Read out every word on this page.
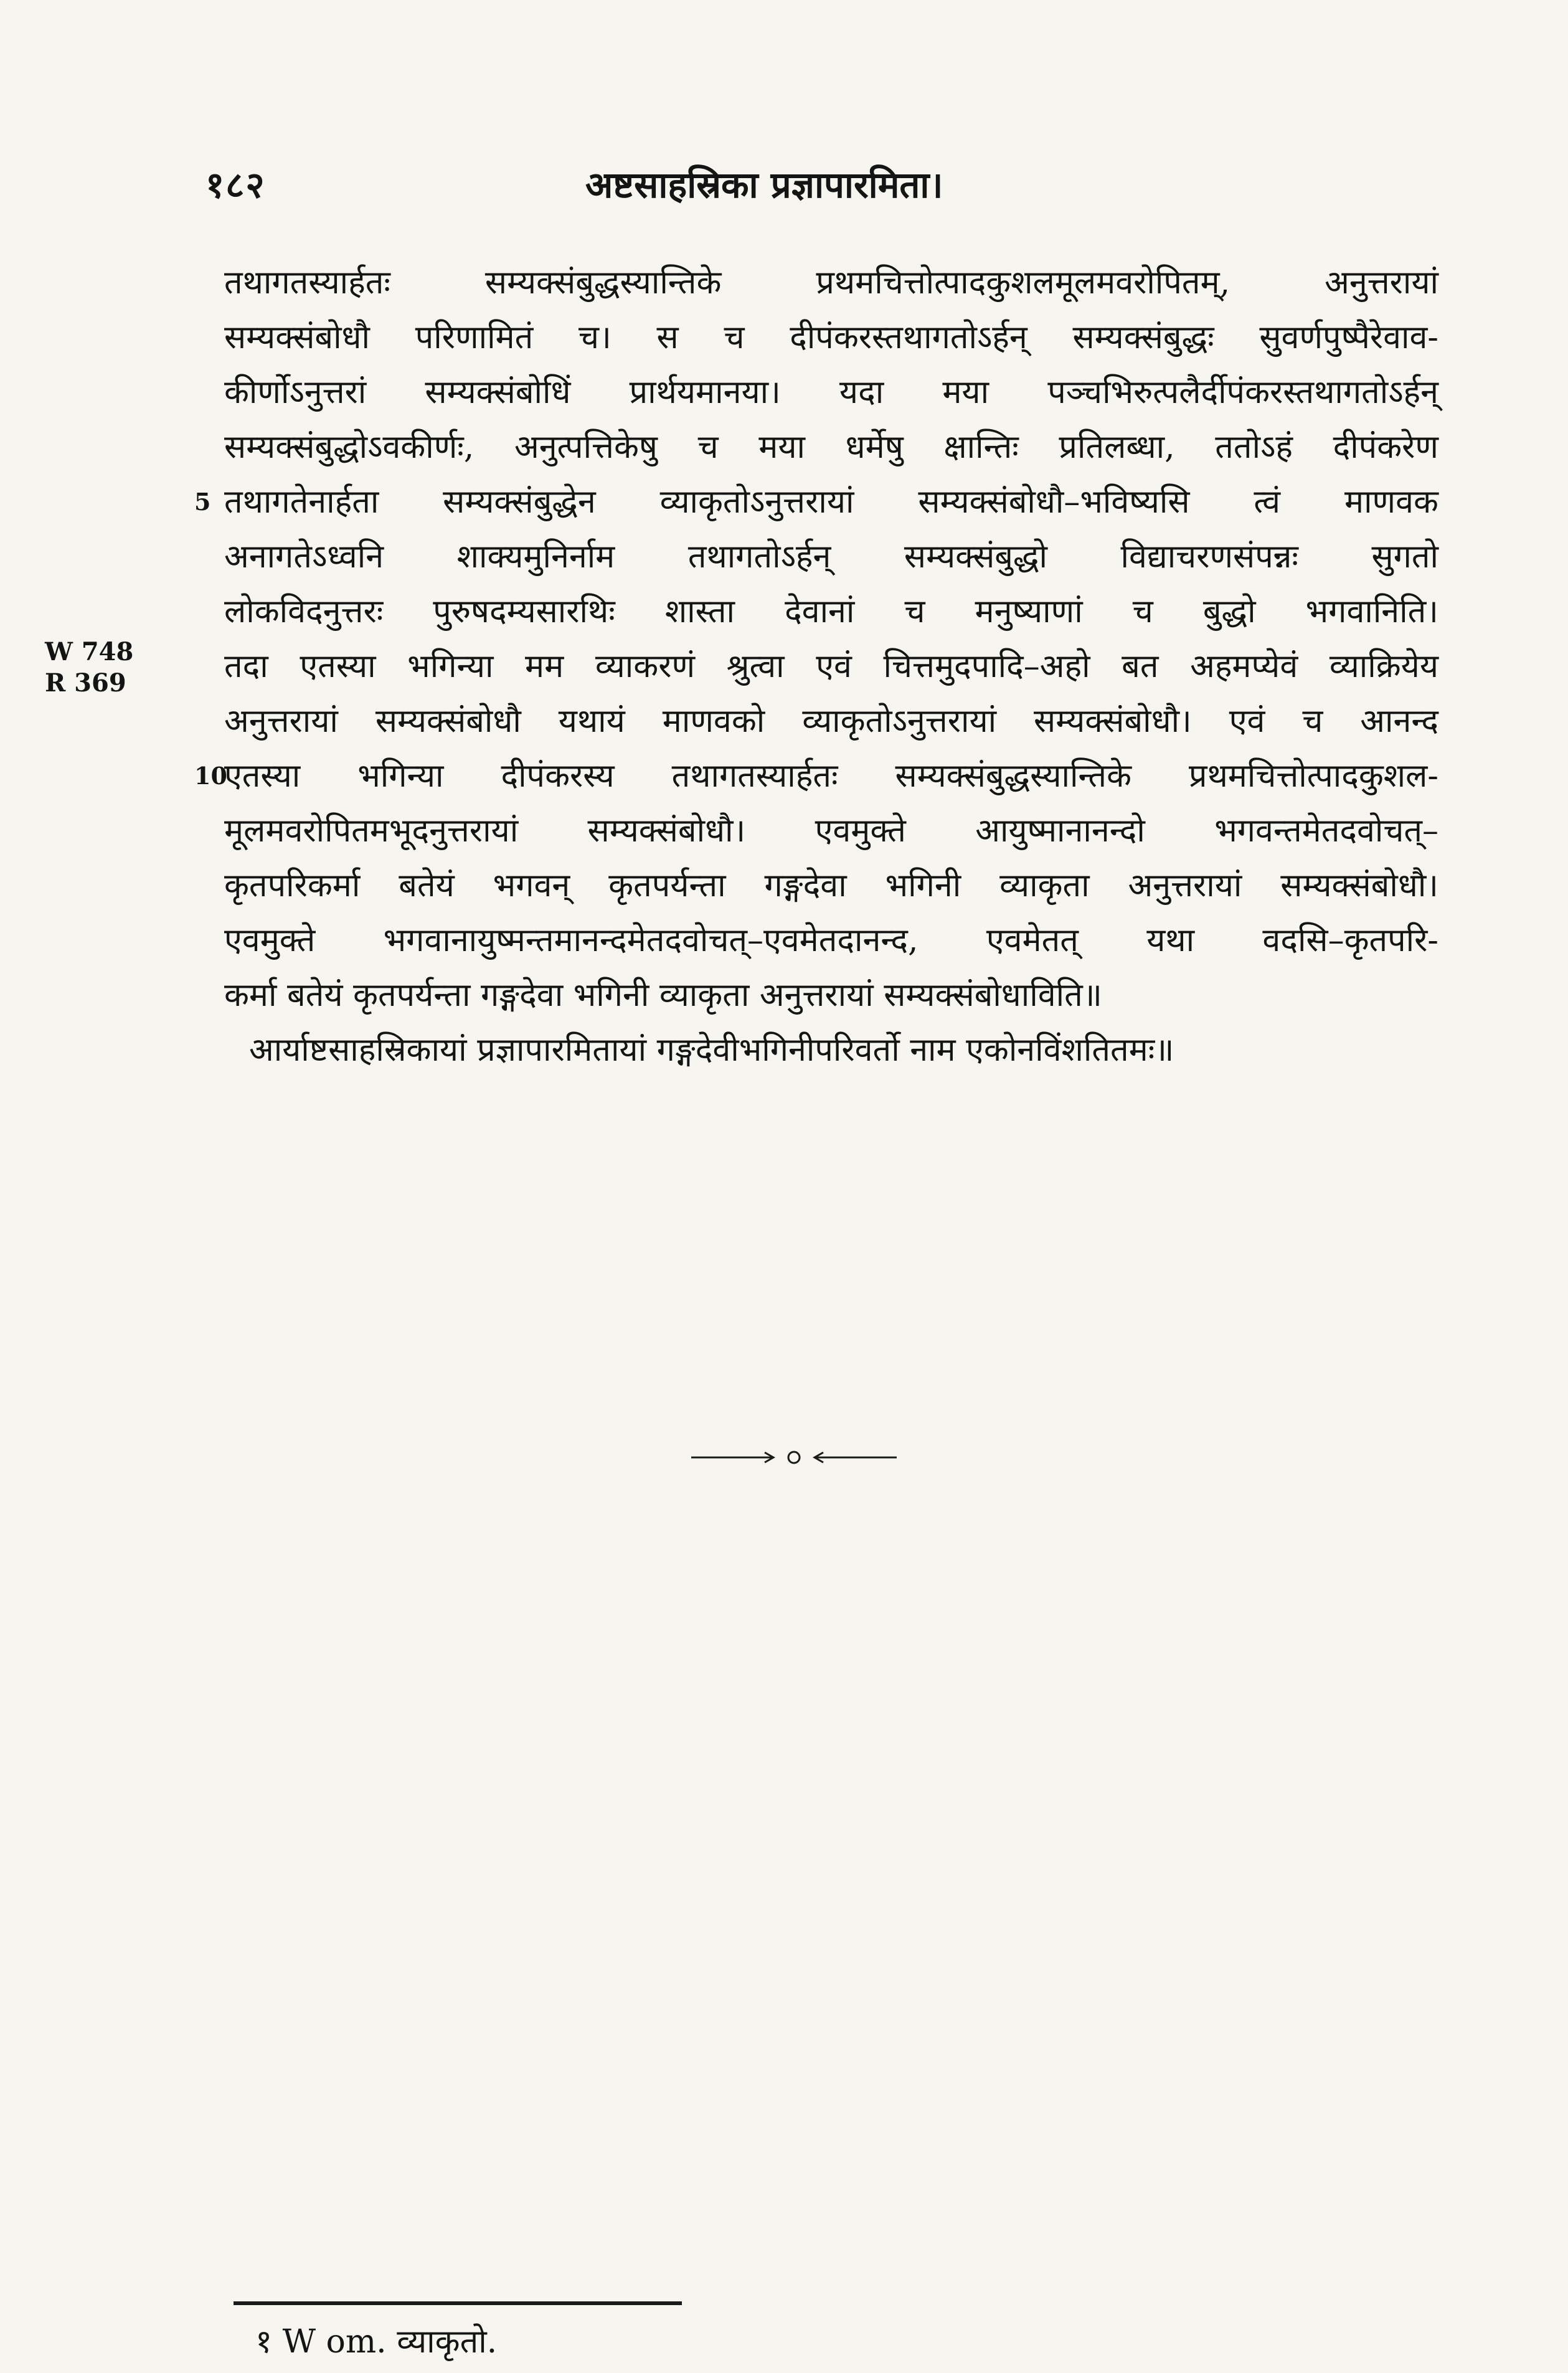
१८२	अष्टसाहस्रिका प्रज्ञापारमिता।
W 748
R 369
तथागतस्यार्हतः सम्यक्संबुद्धस्यान्तिके प्रथमचित्तोत्पादकुशलमूलमवरोपितम्, अनुत्तरायां
सम्यक्संबोधौ परिणामितं च। स च दीपंकरस्तथागतोऽर्हन् सम्यक्संबुद्धः सुवर्णपुष्पैरेवाव-
कीर्णोऽनुत्तरां सम्यक्संबोधिं प्रार्थयमानया। यदा मया पञ्चभिरुत्पलैर्दीपंकरस्तथागतोऽर्हन्
सम्यक्संबुद्धोऽवकीर्णः, अनुत्पत्तिकेषु च मया धर्मेषु क्षान्तिः प्रतिलब्धा, ततोऽहं दीपंकरेण
5 तथागतेनार्हता सम्यक्संबुद्धेन व्याकृतोऽनुत्तरायां सम्यक्संबोधौ–भविष्यसि त्वं माणवक
अनागतेऽध्वनि शाक्यमुनिर्नाम तथागतोऽर्हन् सम्यक्संबुद्धो विद्याचरणसंपन्नः सुगतो
लोकविदनुत्तरः पुरुषदम्यसारथिः शास्ता देवानां च मनुष्याणां च बुद्धो भगवानिति।
तदा एतस्या भगिन्या मम व्याकरणं श्रुत्वा एवं चित्तमुदपादि–अहो बत अहमप्येवं व्याक्रियेय
अनुत्तरायां सम्यक्संबोधौ यथायं माणवको व्याकृतोऽनुत्तरायां सम्यक्संबोधौ। एवं च आनन्द
10
एतस्या भगिन्या दीपंकरस्य तथागतस्यार्हतः सम्यक्संबुद्धस्यान्तिके प्रथमचित्तोत्पादकुशल-
मूलमवरोपितमभूदनुत्तरायां सम्यक्संबोधौ। एवमुक्ते आयुष्मानानन्दो भगवन्तमेतदवोचत्–
कृतपरिकर्मा बतेयं भगवन् कृतपर्यन्ता गङ्गदेवा भगिनी व्याकृता अनुत्तरायां सम्यक्संबोधौ।
एवमुक्ते भगवानायुष्मन्तमानन्दमेतदवोचत्–एवमेतदानन्द, एवमेतत् यथा वदसि–कृतपरि-
कर्मा बतेयं कृतपर्यन्ता गङ्गदेवा भगिनी व्याकृता अनुत्तरायां सम्यक्संबोधाविति॥
आर्याष्टसाहस्रिकायां प्रज्ञापारमितायां गङ्गदेवीभगिनीपरिवर्तो नाम एकोनविंशतितमः॥
१ W om. व्याकृतो.
